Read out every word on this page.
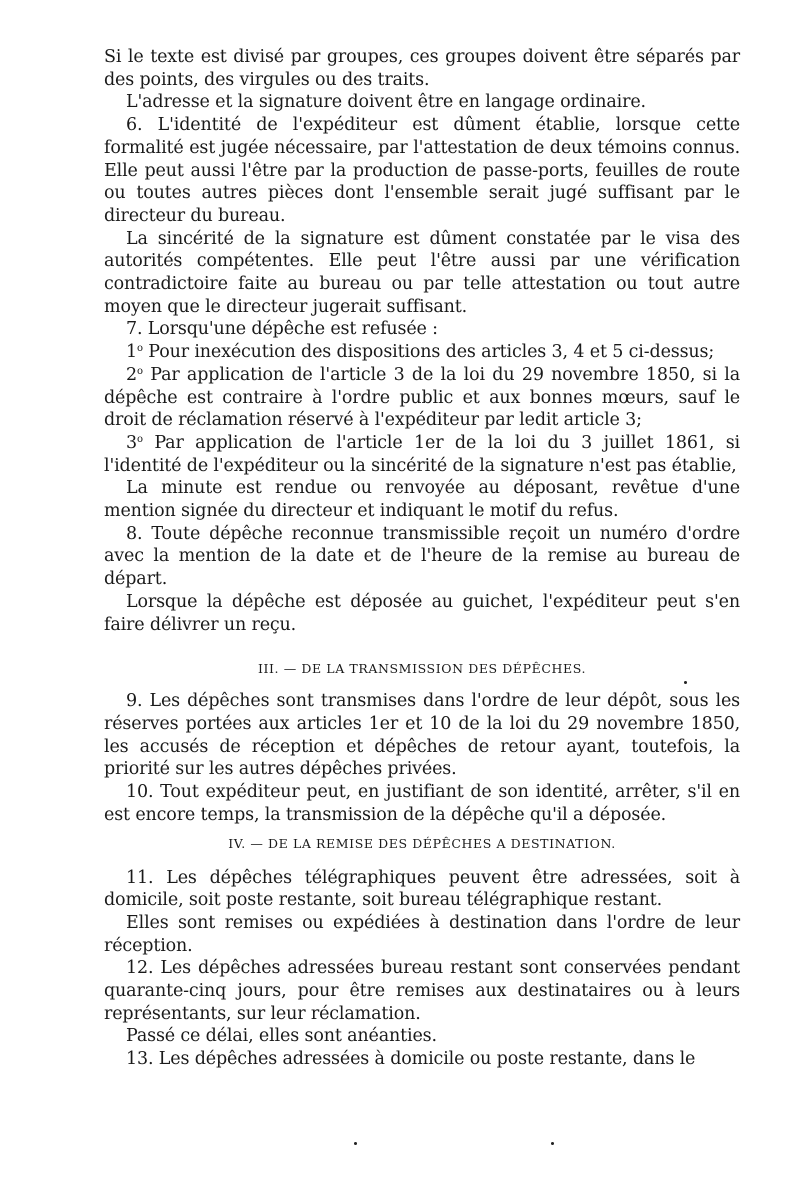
Si le texte est divisé par groupes, ces groupes doivent être séparés par des points, des virgules ou des traits.

L'adresse et la signature doivent être en langage ordinaire.

6. L'identité de l'expéditeur est dûment établie, lorsque cette formalité est jugée nécessaire, par l'attestation de deux témoins connus. Elle peut aussi l'être par la production de passe-ports, feuilles de route ou toutes autres pièces dont l'ensemble serait jugé suffisant par le directeur du bureau.

La sincérité de la signature est dûment constatée par le visa des autorités compétentes. Elle peut l'être aussi par une vérification contradictoire faite au bureau ou par telle attestation ou tout autre moyen que le directeur jugerait suffisant.

7. Lorsqu'une dépêche est refusée :

1$^o$ Pour inexécution des dispositions des articles 3, 4 et 5 ci-dessus;

2$^o$ Par application de l'article 3 de la loi du 29 novembre 1850, si la dépêche est contraire à l'ordre public et aux bonnes mœurs, sauf le droit de réclamation réservé à l'expéditeur par ledit article 3;

3$^o$ Par application de l'article 1er de la loi du 3 juillet 1861, si l'identité de l'expéditeur ou la sincérité de la signature n'est pas établie,

La minute est rendue ou renvoyée au déposant, revêtue d'une mention signée du directeur et indiquant le motif du refus.

8. Toute dépêche reconnue transmissible reçoit un numéro d'ordre avec la mention de la date et de l'heure de la remise au bureau de départ.

Lorsque la dépêche est déposée au guichet, l'expéditeur peut s'en faire délivrer un reçu.

III. — DE LA TRANSMISSION DES DÉPÊCHES.

9. Les dépêches sont transmises dans l'ordre de leur dépôt, sous les réserves portées aux articles 1er et 10 de la loi du 29 novembre 1850, les accusés de réception et dépêches de retour ayant, toutefois, la priorité sur les autres dépêches privées.

10. Tout expéditeur peut, en justifiant de son identité, arrêter, s'il en est encore temps, la transmission de la dépêche qu'il a déposée.

IV. — DE LA REMISE DES DÉPÊCHES A DESTINATION.

11. Les dépêches télégraphiques peuvent être adressées, soit à domicile, soit poste restante, soit bureau télégraphique restant.

Elles sont remises ou expédiées à destination dans l'ordre de leur réception.

12. Les dépêches adressées bureau restant sont conservées pendant quarante-cinq jours, pour être remises aux destinataires ou à leurs représentants, sur leur réclamation.

Passé ce délai, elles sont anéanties.

13. Les dépêches adressées à domicile ou poste restante, dans le
